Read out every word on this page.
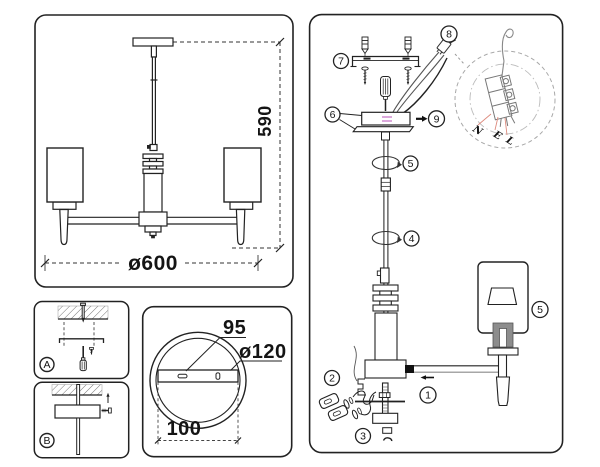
590
ø600
A
B
95
ø120
100
N E L
7
8
6	9
5
4
5
1
2
3
